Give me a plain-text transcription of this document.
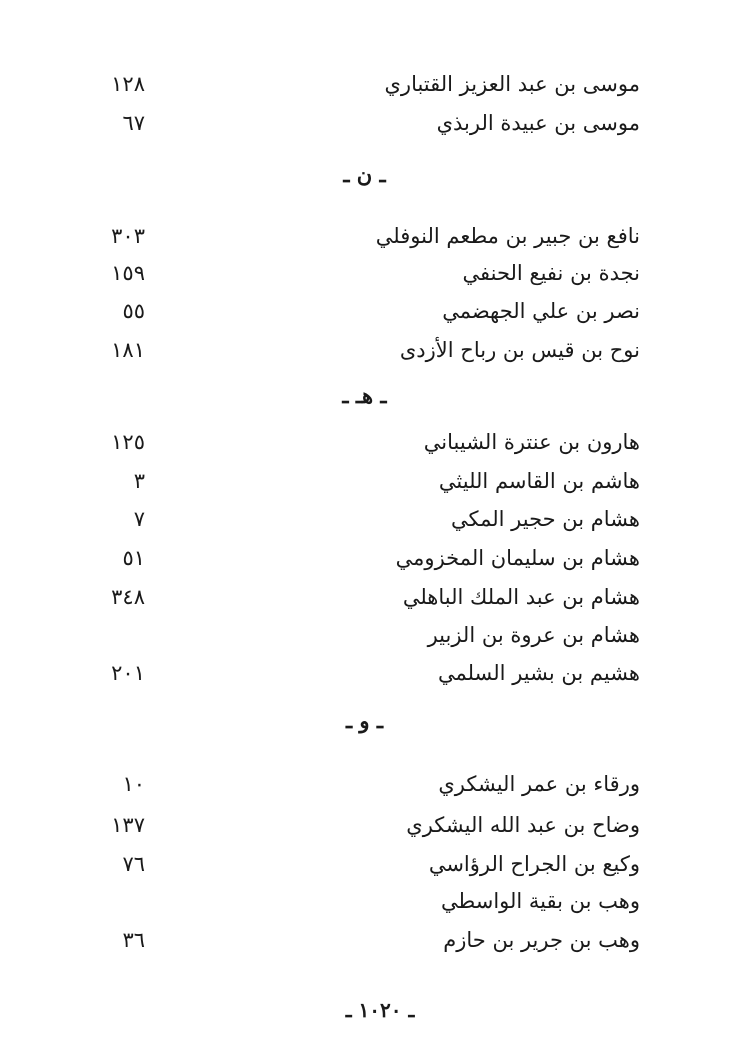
موسى بن عبد العزيز القتباري
١٢٨
موسى بن عبيدة الربذي
٦٧
ـ ن ـ
نافع بن جبير بن مطعم النوفلي
٣٠٣
نجدة بن نفيع الحنفي
١٥٩
نصر بن علي الجهضمي
٥٥
نوح بن قيس بن رباح الأزدى
١٨١
ـ هـ ـ
هارون بن عنترة الشيباني
١٢٥
هاشم بن القاسم الليثي
٣
هشام بن حجير المكي
٧
هشام بن سليمان المخزومي
٥١
هشام بن عبد الملك الباهلي
٣٤٨
هشام بن عروة بن الزبير
هشيم بن بشير السلمي
٢٠١
ـ و ـ
ورقاء بن عمر اليشكري
١٠
وضاح بن عبد الله اليشكري
١٣٧
وكيع بن الجراح الرؤاسي
٧٦
وهب بن بقية الواسطي
وهب بن جرير بن حازم
٣٦
ـ ١٠٢٠ ـ
